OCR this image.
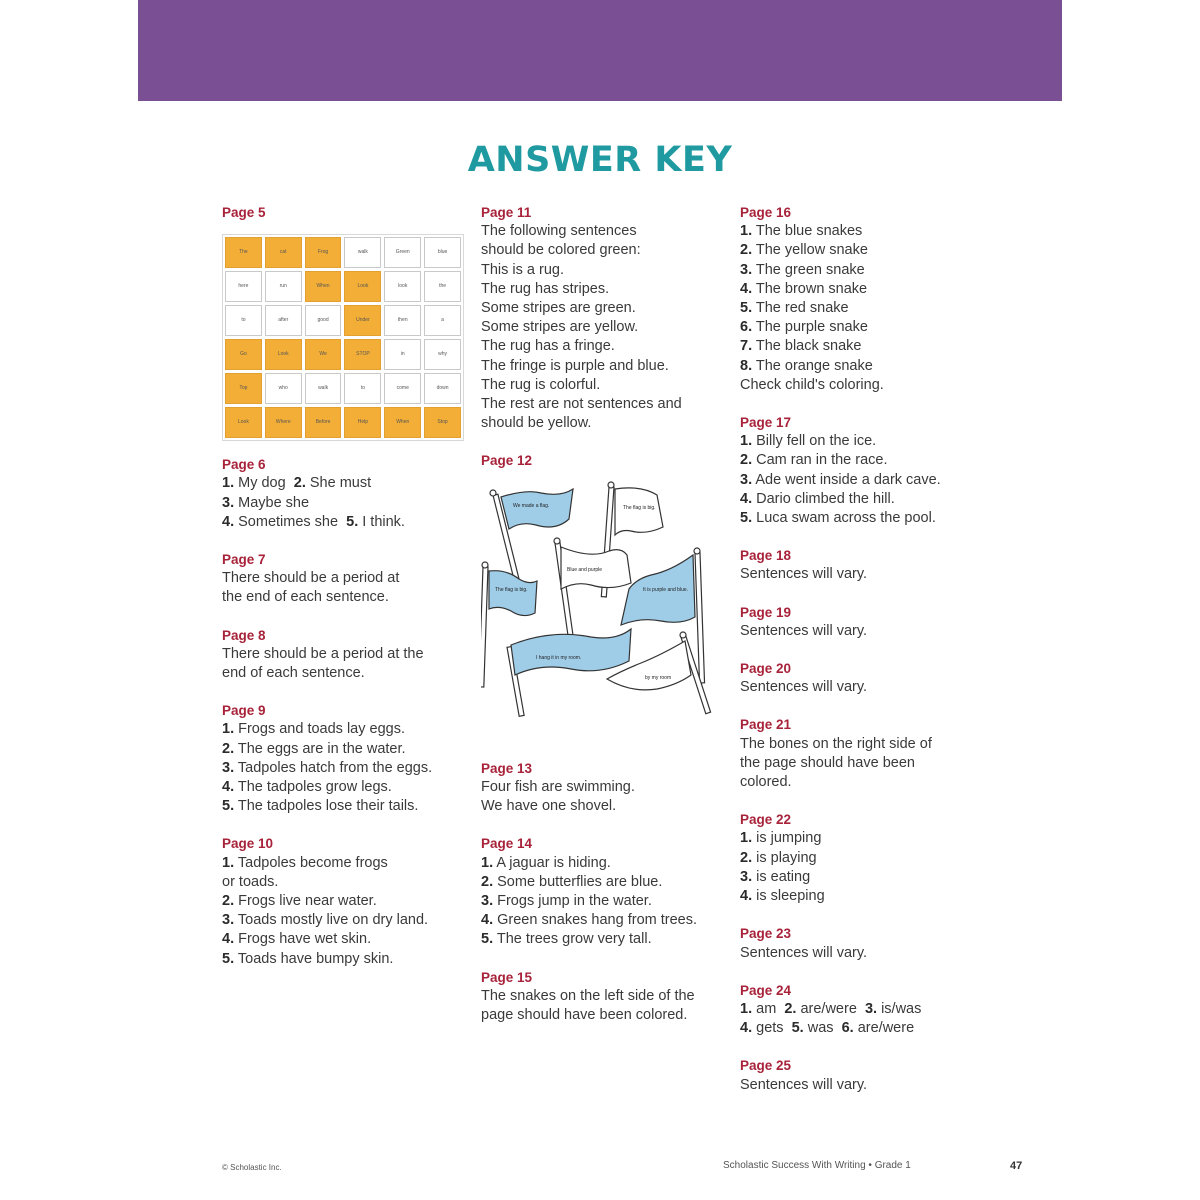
ANSWER KEY
Page 5
The	cat	Frog	walk	Green	blue
here	run	When	Look	look	the
to	after	good	Under	then	a
Go	Look	We	STOP	in	why
Top	who	walk	to	come	down
Look	Where	Before	Help	When	Stop
Page 6
1. My dog 2. She must
3. Maybe she
4. Sometimes she 5. I think.
Page 7
There should be a period at
the end of each sentence.
Page 8
There should be a period at the
end of each sentence.
Page 9
1. Frogs and toads lay eggs.
2. The eggs are in the water.
3. Tadpoles hatch from the eggs.
4. The tadpoles grow legs.
5. The tadpoles lose their tails.
Page 10
1. Tadpoles become frogs
or toads.
2. Frogs live near water.
3. Toads mostly live on dry land.
4. Frogs have wet skin.
5. Toads have bumpy skin.
Page 11
The following sentences
should be colored green:
This is a rug.
The rug has stripes.
Some stripes are green.
Some stripes are yellow.
The rug has a fringe.
The fringe is purple and blue.
The rug is colorful.
The rest are not sentences and
should be yellow.
Page 12
We made a flag.	The flag is big.
Blue and purple
The flag is big.	It is purple and blue.
I hang it in my room.
by my room
Page 13
Four fish are swimming.
We have one shovel.
Page 14
1. A jaguar is hiding.
2. Some butterflies are blue.
3. Frogs jump in the water.
4. Green snakes hang from trees.
5. The trees grow very tall.
Page 15
The snakes on the left side of the
page should have been colored.
Page 16
1. The blue snakes
2. The yellow snake
3. The green snake
4. The brown snake
5. The red snake
6. The purple snake
7. The black snake
8. The orange snake
Check child's coloring.
Page 17
1. Billy fell on the ice.
2. Cam ran in the race.
3. Ade went inside a dark cave.
4. Dario climbed the hill.
5. Luca swam across the pool.
Page 18
Sentences will vary.
Page 19
Sentences will vary.
Page 20
Sentences will vary.
Page 21
The bones on the right side of
the page should have been
colored.
Page 22
1. is jumping
2. is playing
3. is eating
4. is sleeping
Page 23
Sentences will vary.
Page 24
1. am 2. are/were 3. is/was
4. gets 5. was 6. are/were
Page 25
Sentences will vary.
© Scholastic Inc.	Scholastic Success With Writing • Grade 1	47
